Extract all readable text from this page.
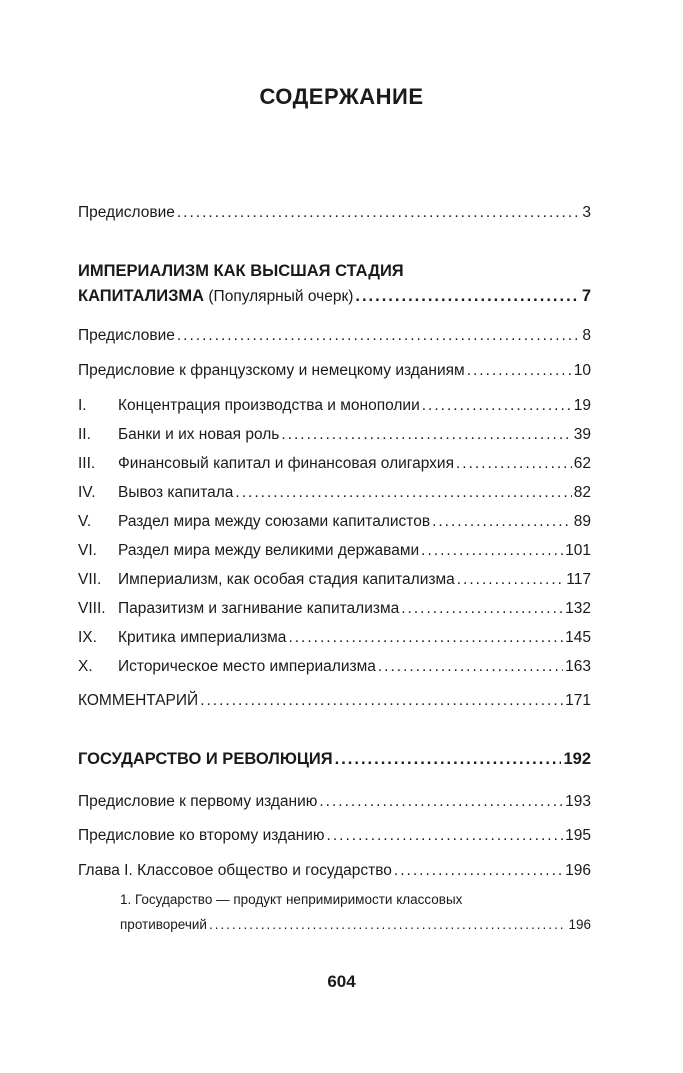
СОДЕРЖАНИЕ
Предисловие .....	3
ИМПЕРИАЛИЗМ КАК ВЫСШАЯ СТАДИЯ
КАПИТАЛИЗМА (Популярный очерк) .....	7
Предисловие .....	8
Предисловие к французскому и немецкому изданиям .....	10
I. Концентрация производства и монополии .....	19
II. Банки и их новая роль .....	39
III. Финансовый капитал и финансовая олигархия .....	62
IV. Вывоз капитала .....	82
V. Раздел мира между союзами капиталистов .....	89
VI. Раздел мира между великими державами .....	101
VII. Империализм, как особая стадия капитализма .....	117
VIII. Паразитизм и загнивание капитализма .....	132
IX. Критика империализма .....	145
X. Историческое место империализма .....	163
КОММЕНТАРИЙ .....	171
ГОСУДАРСТВО И РЕВОЛЮЦИЯ .....	192
Предисловие к первому изданию .....	193
Предисловие ко второму изданию .....	195
Глава I. Классовое общество и государство .....	196
1. Государство — продукт непримиримости классовых
противоречий .....	196
604
